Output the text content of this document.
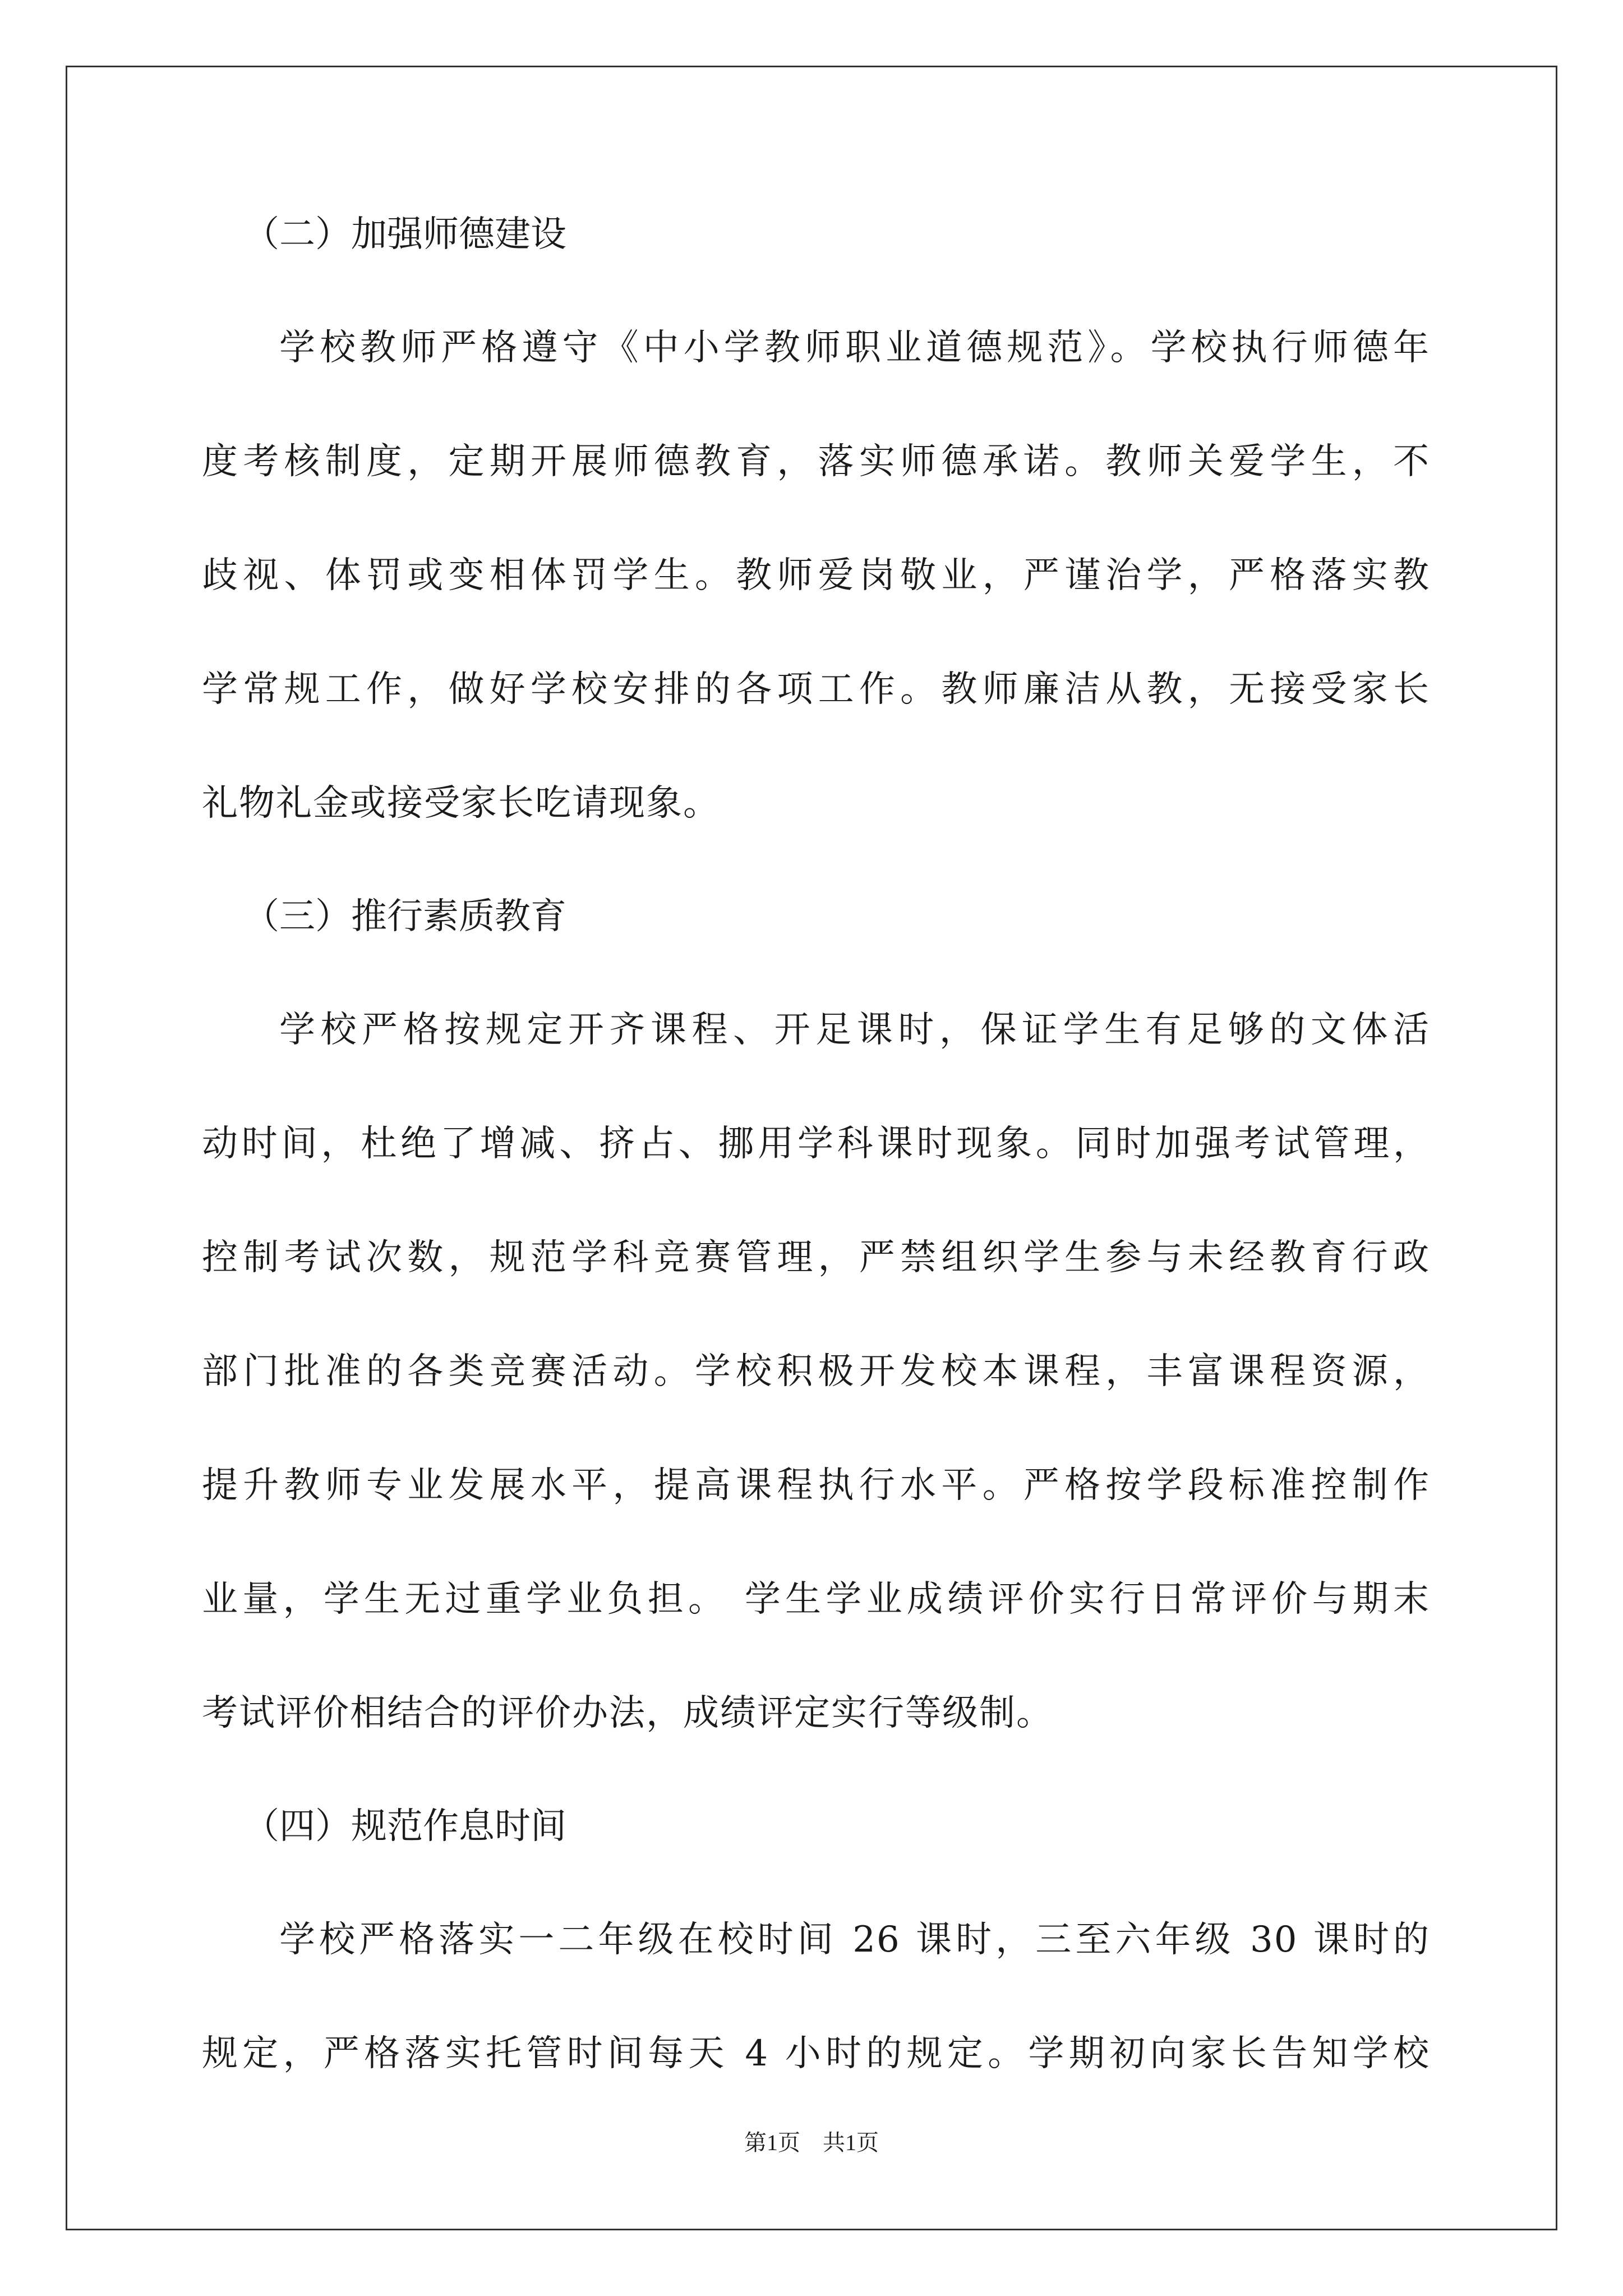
（二）加强师德建设
学校教师严格遵守《中小学教师职业道德规范》。学校执行师德年
度考核制度，定期开展师德教育，落实师德承诺。教师关爱学生，不
歧视、体罚或变相体罚学生。教师爱岗敬业，严谨治学，严格落实教
学常规工作，做好学校安排的各项工作。教师廉洁从教，无接受家长
礼物礼金或接受家长吃请现象。
（三）推行素质教育
学校严格按规定开齐课程、开足课时，保证学生有足够的文体活
动时间，杜绝了增减、挤占、挪用学科课时现象。同时加强考试管理，
控制考试次数，规范学科竞赛管理，严禁组织学生参与未经教育行政
部门批准的各类竞赛活动。学校积极开发校本课程，丰富课程资源，
提升教师专业发展水平，提高课程执行水平。严格按学段标准控制作
业量，学生无过重学业负担。 学生学业成绩评价实行日常评价与期末
考试评价相结合的评价办法，成绩评定实行等级制。
（四）规范作息时间
学校严格落实一二年级在校时间 26 课时，三至六年级 30 课时的
规定，严格落实托管时间每天 4 小时的规定。学期初向家长告知学校
第1页 共1页
